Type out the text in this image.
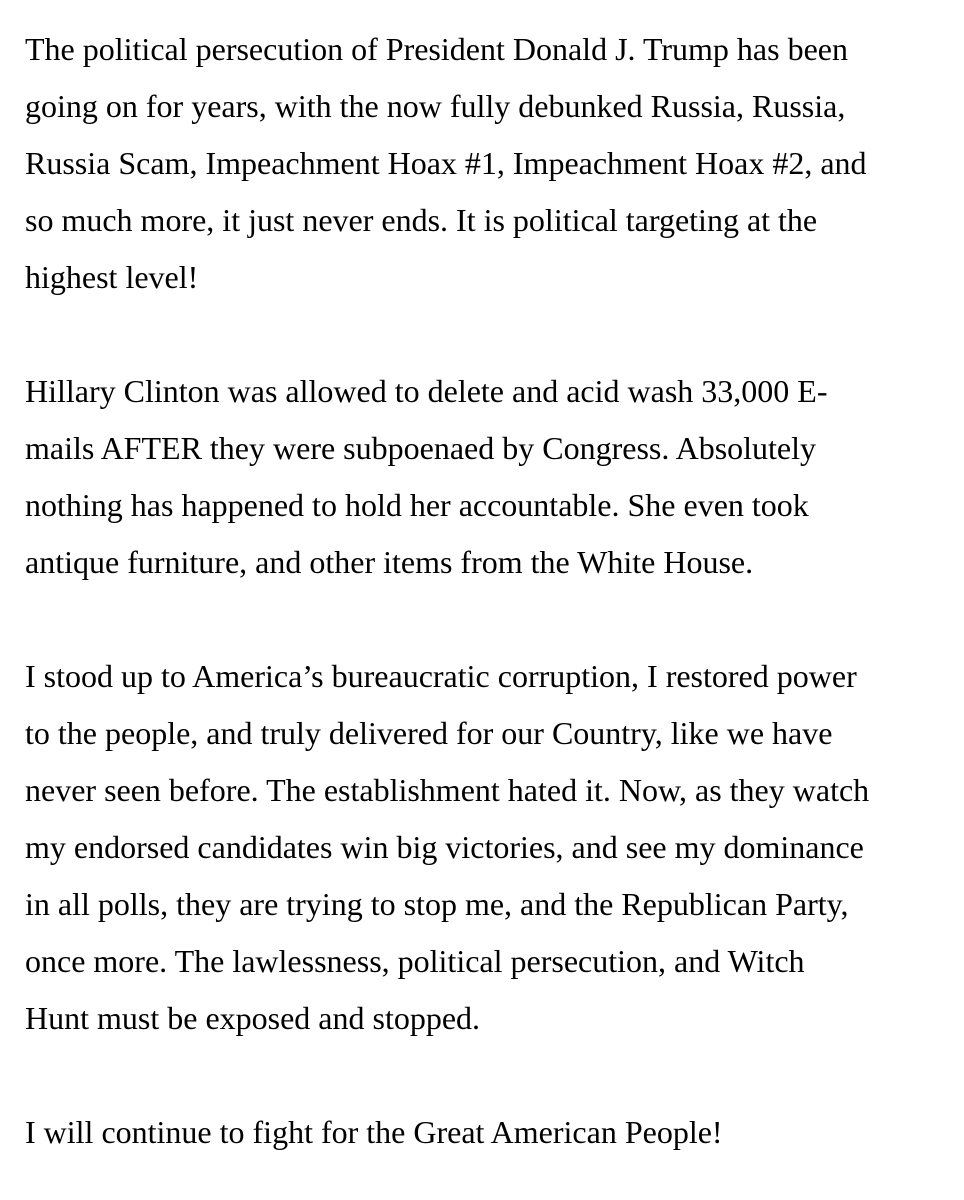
The political persecution of President Donald J. Trump has been
going on for years, with the now fully debunked Russia, Russia,
Russia Scam, Impeachment Hoax #1, Impeachment Hoax #2, and
so much more, it just never ends. It is political targeting at the
highest level!

Hillary Clinton was allowed to delete and acid wash 33,000 E-
mails AFTER they were subpoenaed by Congress. Absolutely
nothing has happened to hold her accountable. She even took
antique furniture, and other items from the White House.

I stood up to America’s bureaucratic corruption, I restored power
to the people, and truly delivered for our Country, like we have
never seen before. The establishment hated it. Now, as they watch
my endorsed candidates win big victories, and see my dominance
in all polls, they are trying to stop me, and the Republican Party,
once more. The lawlessness, political persecution, and Witch
Hunt must be exposed and stopped.

I will continue to fight for the Great American People!
